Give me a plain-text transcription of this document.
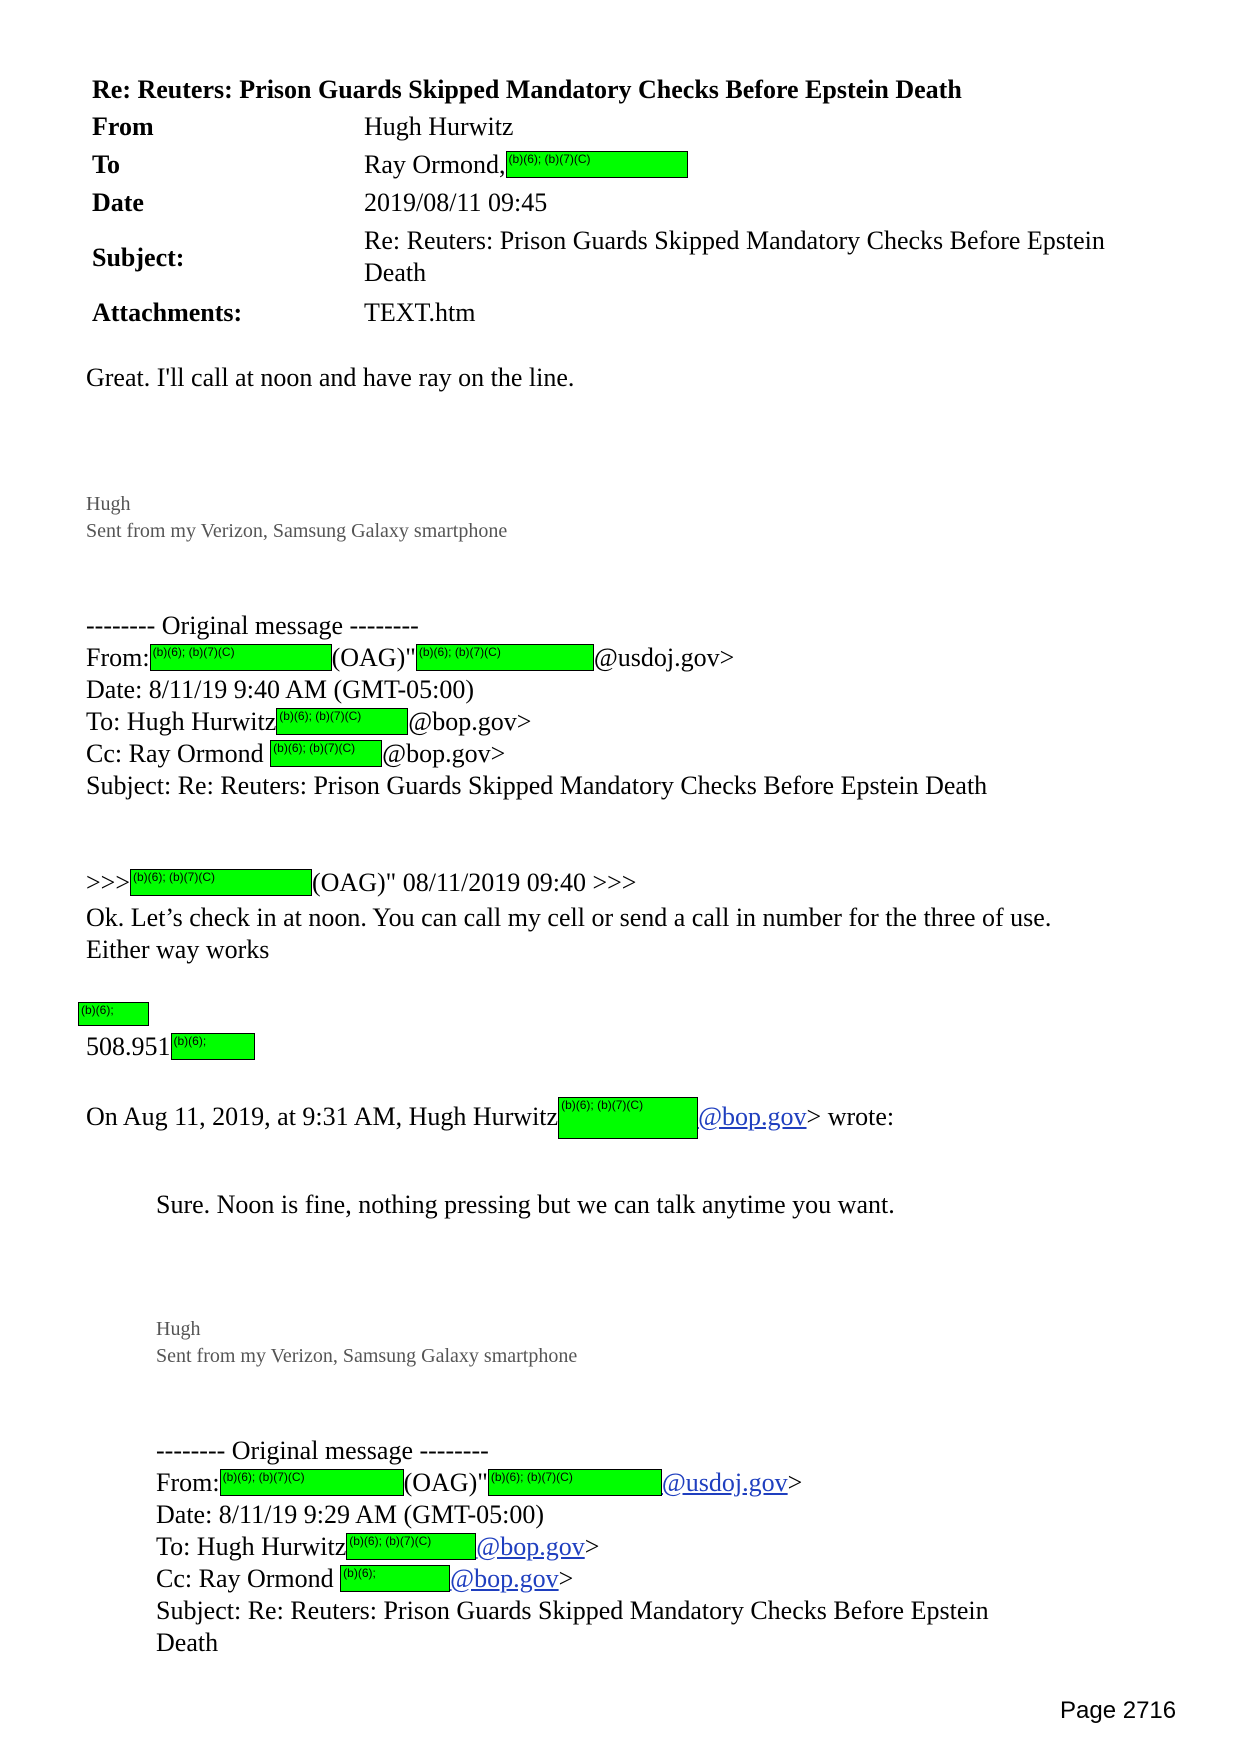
Re: Reuters: Prison Guards Skipped Mandatory Checks Before Epstein Death
From	Hugh Hurwitz
To	Ray Ormond, (b)(6); (b)(7)(C)
Date	2019/08/11 09:45
Subject:
Re: Reuters: Prison Guards Skipped Mandatory Checks Before Epstein
Death
Attachments:	TEXT.htm
Great. I'll call at noon and have ray on the line.
Hugh
Sent from my Verizon, Samsung Galaxy smartphone
-------- Original message --------
From: (b)(6); (b)(7)(C)	(OAG)" (b)(6); (b)(7)(C)	@usdoj.gov>
Date: 8/11/19 9:40 AM (GMT-05:00)
To: Hugh Hurwitz (b)(6); (b)(7)(C) @bop.gov>
Cc: Ray Ormond (b)(6); (b)(7)(C) @bop.gov>
Subject: Re: Reuters: Prison Guards Skipped Mandatory Checks Before Epstein Death
>>> (b)(6); (b)(7)(C)	(OAG)" 08/11/2019 09:40 >>>
Ok. Let’s check in at noon. You can call my cell or send a call in number for the three of use.
Either way works
(b)(6);
508.951 (b)(6);
On Aug 11, 2019, at 9:31 AM, Hugh Hurwitz (b)(6); (b)(7)(C) @bop.gov> wrote:
Sure. Noon is fine, nothing pressing but we can talk anytime you want.
Hugh
Sent from my Verizon, Samsung Galaxy smartphone
-------- Original message --------
From: (b)(6); (b)(7)(C)	(OAG)" (b)(6); (b)(7)(C)	@usdoj.gov>
Date: 8/11/19 9:29 AM (GMT-05:00)
To: Hugh Hurwitz (b)(6); (b)(7)(C) @bop.gov>
Cc: Ray Ormond (b)(6);	@bop.gov>
Subject: Re: Reuters: Prison Guards Skipped Mandatory Checks Before Epstein
Death
Page 2716
